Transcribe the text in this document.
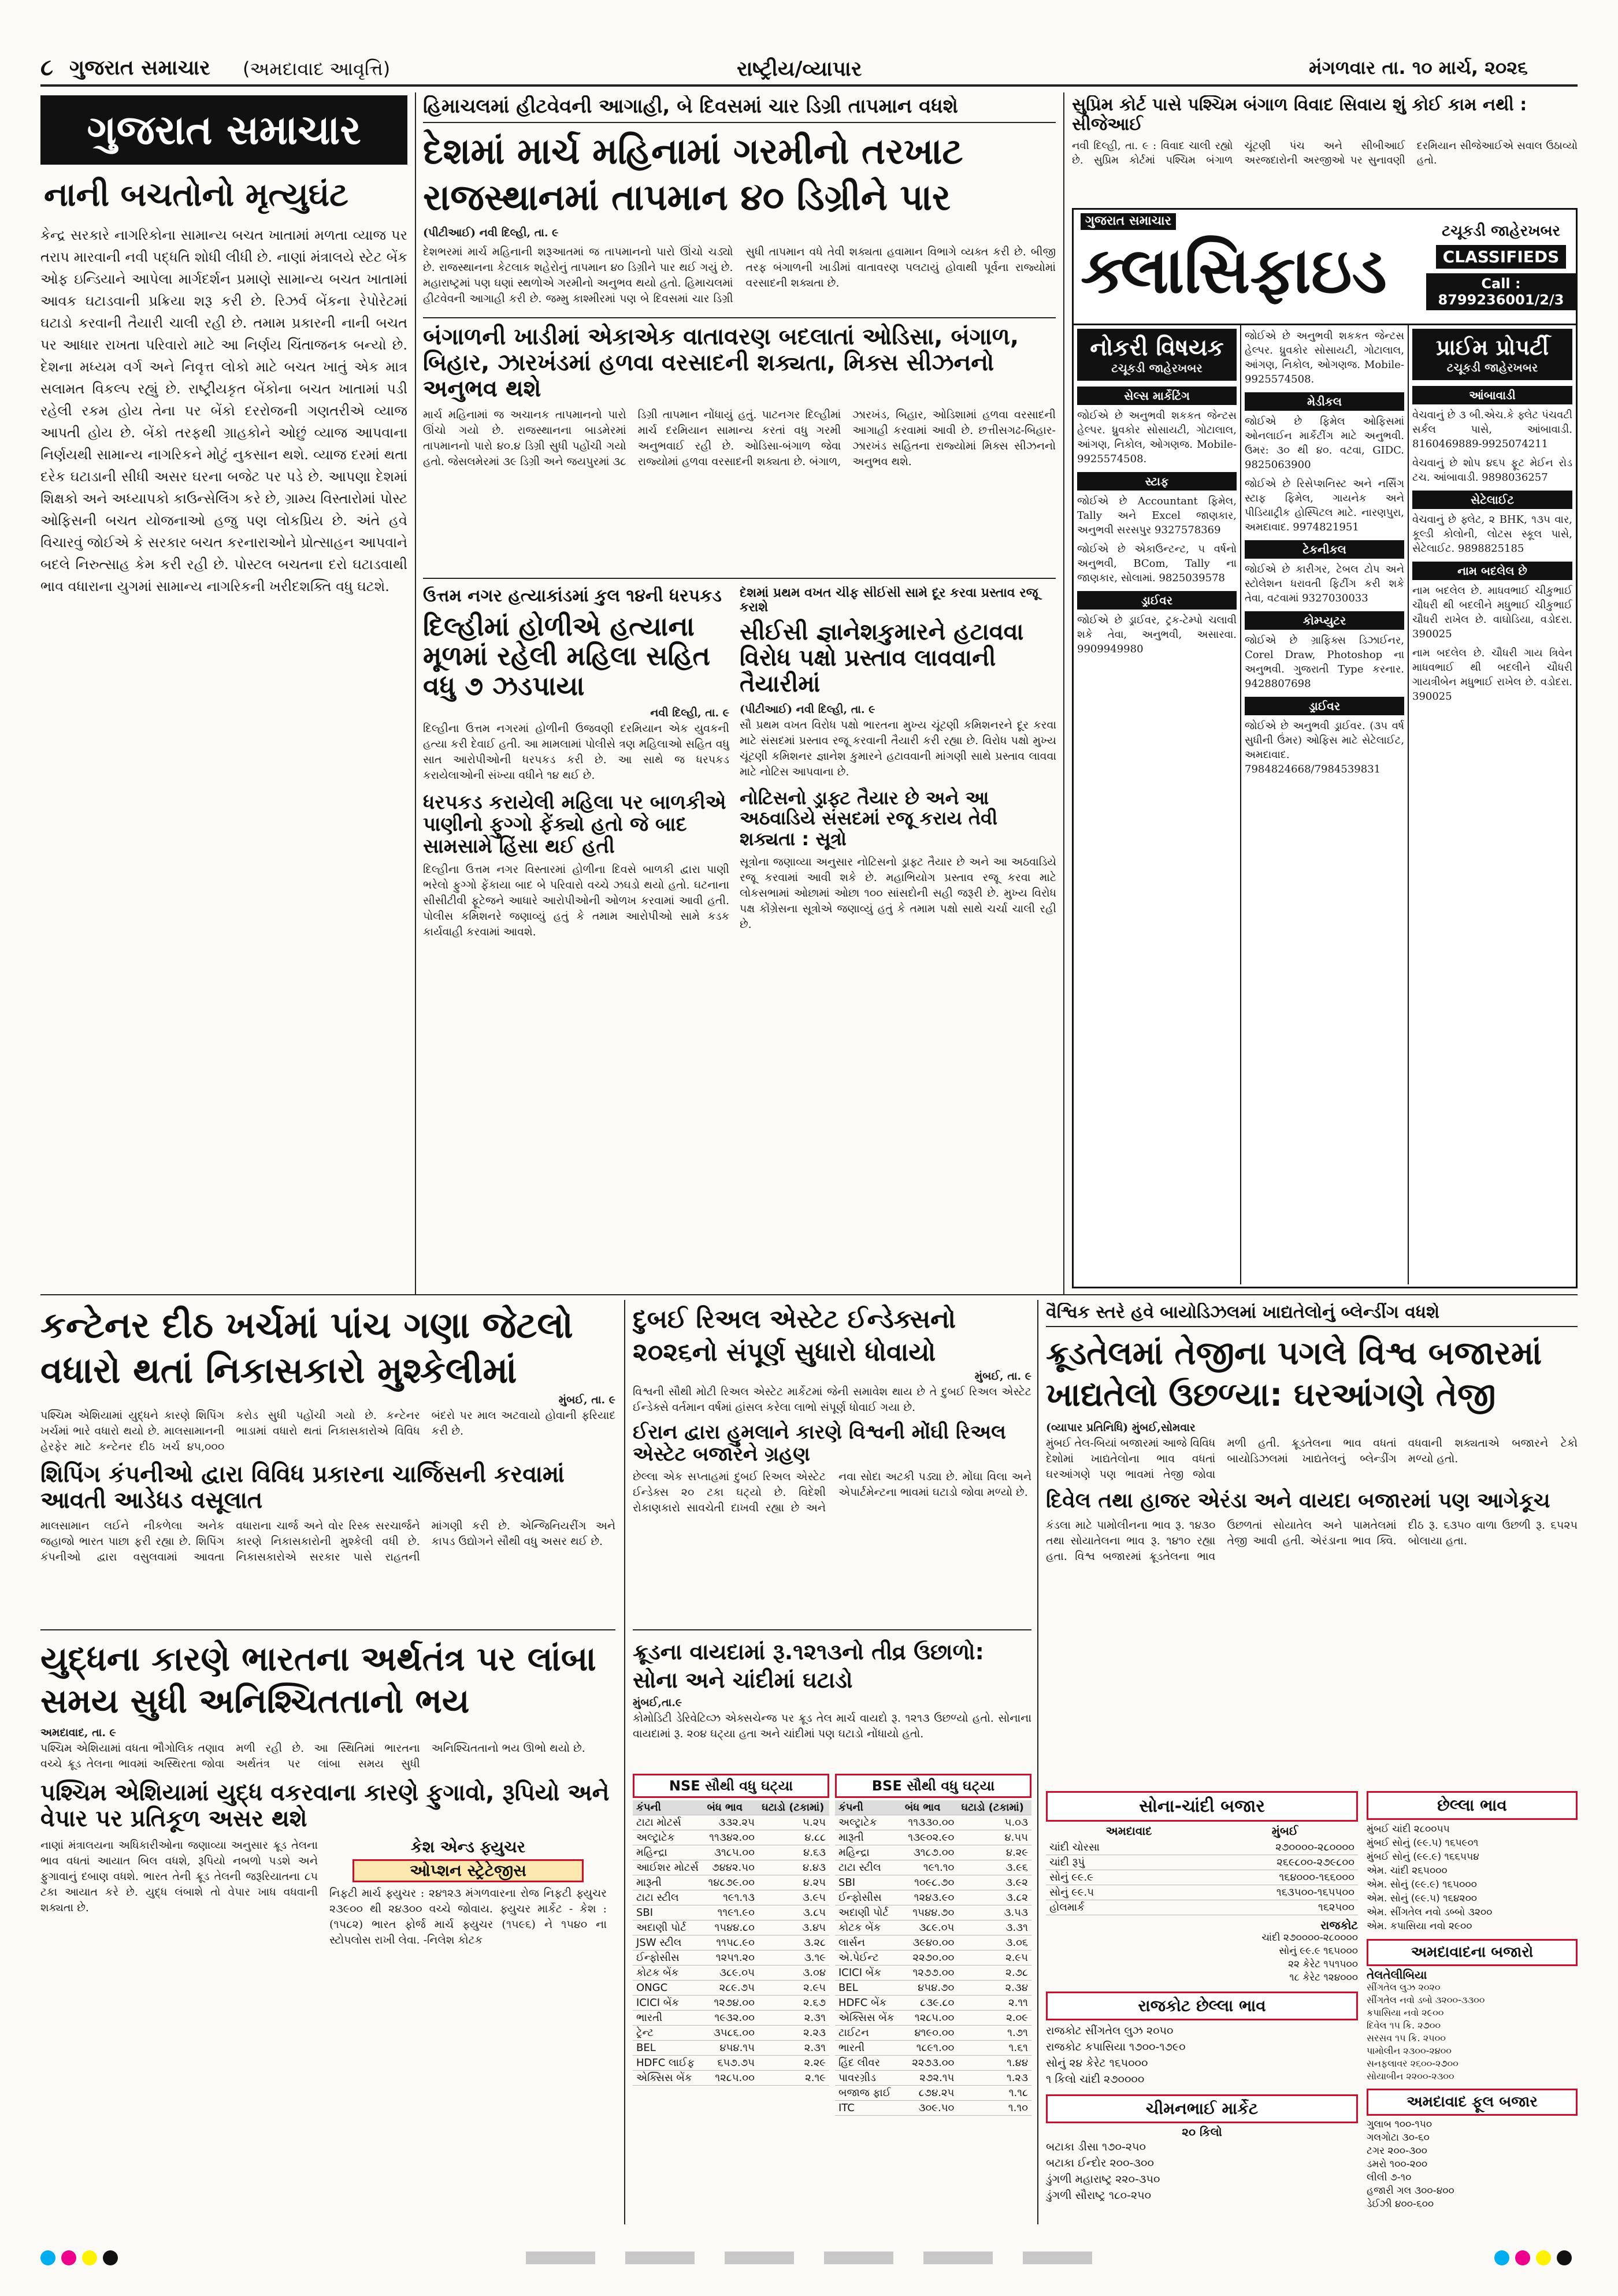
૮ ગુજરાત સમાચાર (અમદાવાદ આવૃત્તિ)	રાષ્ટ્રીય/વ્યાપાર	મંગળવાર તા. ૧૦ માર્ચ, ૨૦૨૬
ગુજરાત સમાચાર
નાની બચતોનો મૃત્યુઘંટ
કેન્દ્ર સરકારે નાગરિકોના સામાન્ય બચત ખાતામાં મળતા વ્યાજ પર તરાપ મારવાની નવી પદ્ધતિ શોધી લીધી છે. નાણાં મંત્રાલયે સ્ટેટ બેંક ઓફ ઇન્ડિયાને આપેલા માર્ગદર્શન પ્રમાણે સામાન્ય બચત ખાતામાં આવક ઘટાડવાની પ્રક્રિયા શરૂ કરી છે. રિઝર્વ બેંકના રેપોરેટમાં ઘટાડો કરવાની તૈયારી ચાલી રહી છે. તમામ પ્રકારની નાની બચત પર આધાર રાખતા પરિવારો માટે આ નિર્ણય ચિંતાજનક બન્યો છે. દેશના મધ્યમ વર્ગ અને નિવૃત્ત લોકો માટે બચત ખાતું એક માત્ર સલામત વિકલ્પ રહ્યું છે. રાષ્ટ્રીયકૃત બેંકોના બચત ખાતામાં પડી રહેલી રકમ હોય તેના પર બેંકો દરરોજની ગણતરીએ વ્યાજ આપતી હોય છે. બેંકો તરફથી ગ્રાહકોને ઓછું વ્યાજ આપવાના નિર્ણયથી સામાન્ય નાગરિકને મોટું નુકસાન થશે. વ્યાજ દરમાં થતા દરેક ઘટાડાની સીધી અસર ઘરના બજેટ પર પડે છે. આપણા દેશમાં શિક્ષકો અને અધ્યાપકો કાઉન્સેલિંગ કરે છે, ગ્રામ્ય વિસ્તારોમાં પોસ્ટ ઓફિસની બચત યોજનાઓ હજુ પણ લોકપ્રિય છે. અંતે હવે વિચારવું જોઈએ કે સરકાર બચત કરનારાઓને પ્રોત્સાહન આપવાને બદલે નિરુત્સાહ કેમ કરી રહી છે. પોસ્ટલ બચતના દરો ઘટાડવાથી ભાવ વધારાના યુગમાં સામાન્ય નાગરિકની ખરીદશક્તિ વધુ ઘટશે.
હિમાચલમાં હીટવેવની આગાહી, બે દિવસમાં ચાર ડિગ્રી તાપમાન વધશે
દેશમાં માર્ચ મહિનામાં ગરમીનો તરખાટ
રાજસ્થાનમાં તાપમાન ૪૦ ડિગ્રીને પાર
(પીટીઆઈ) નવી દિલ્હી, તા. ૯
દેશભરમાં માર્ચ મહિનાની શરૂઆતમાં જ તાપમાનનો પારો ઊંચો ચડ્યો છે. રાજસ્થાનના કેટલાક શહેરોનું તાપમાન ૪૦ ડિગ્રીને પાર થઈ ગયું છે. મહારાષ્ટ્રમાં પણ ઘણાં સ્થળોએ ગરમીનો અનુભવ થયો હતો. હિમાચલમાં હીટવેવની આગાહી કરી છે. જમ્મુ કાશ્મીરમાં પણ બે દિવસમાં ચાર ડિગ્રી સુધી તાપમાન વધે તેવી શક્યતા હવામાન વિભાગે વ્યક્ત કરી છે. બીજી તરફ બંગાળની ખાડીમાં વાતાવરણ પલટાયું હોવાથી પૂર્વના રાજ્યોમાં વરસાદની શક્યતા છે.
બંગાળની ખાડીમાં એકાએક વાતાવરણ બદલાતાં ઓડિસા, બંગાળ, બિહાર, ઝારખંડમાં હળવા વરસાદની શક્યતા, મિક્સ સીઝનનો અનુભવ થશે
માર્ચ મહિનામાં જ અચાનક તાપમાનનો પારો ઊંચો ગયો છે. રાજસ્થાનના બાડમેરમાં તાપમાનનો પારો ૪૦.૪ ડિગ્રી સુધી પહોંચી ગયો હતો. જેસલમેરમાં ૩૯ ડિગ્રી અને જયપુરમાં ૩૮ ડિગ્રી તાપમાન નોંધાયું હતું. પાટનગર દિલ્હીમાં માર્ચ દરમિયાન સામાન્ય કરતાં વધુ ગરમી અનુભવાઈ રહી છે. ઓડિસા-બંગાળ જેવા રાજ્યોમાં હળવા વરસાદની શક્યતા છે. બંગાળ, ઝારખંડ, બિહાર, ઓડિશામાં હળવા વરસાદની આગાહી કરવામાં આવી છે. છત્તીસગઢ-બિહાર-ઝારખંડ સહિતના રાજ્યોમાં મિક્સ સીઝનનો અનુભવ થશે.
ઉત્તમ નગર હત્યાકાંડમાં કુલ ૧૪ની ધરપકડ
દિલ્હીમાં હોળીએ હત્યાના મૂળમાં રહેલી મહિલા સહિત વધુ ૭ ઝડપાયા
નવી દિલ્હી, તા. ૯
દિલ્હીના ઉત્તમ નગરમાં હોળીની ઉજવણી દરમિયાન એક યુવકની હત્યા કરી દેવાઈ હતી. આ મામલામાં પોલીસે ત્રણ મહિલાઓ સહિત વધુ સાત આરોપીઓની ધરપકડ કરી છે. આ સાથે જ ધરપકડ કરાયેલાઓની સંખ્યા વધીને ૧૪ થઈ છે.
ધરપકડ કરાયેલી મહિલા પર બાળકીએ પાણીનો ફુગ્ગો ફેંક્યો હતો જે બાદ સામસામે હિંસા થઈ હતી
દિલ્હીના ઉત્તમ નગર વિસ્તારમાં હોળીના દિવસે બાળકી દ્વારા પાણી ભરેલો ફુગ્ગો ફેંકાયા બાદ બે પરિવારો વચ્ચે ઝઘડો થયો હતો. ઘટનાના સીસીટીવી ફૂટેજને આધારે આરોપીઓની ઓળખ કરવામાં આવી હતી. પોલીસ કમિશનરે જણાવ્યું હતું કે તમામ આરોપીઓ સામે કડક કાર્યવાહી કરવામાં આવશે.
દેશમાં પ્રથમ વખત ચીફ સીઈસી સામે દૂર કરવા પ્રસ્તાવ રજૂ કરાશે
સીઈસી જ્ઞાનેશકુમારને હટાવવા વિરોધ પક્ષો પ્રસ્તાવ લાવવાની તૈયારીમાં
(પીટીઆઈ) નવી દિલ્હી, તા. ૯
સૌ પ્રથમ વખત વિરોધ પક્ષો ભારતના મુખ્ય ચૂંટણી કમિશનરને દૂર કરવા માટે સંસદમાં પ્રસ્તાવ રજૂ કરવાની તૈયારી કરી રહ્યા છે. વિરોધ પક્ષો મુખ્ય ચૂંટણી કમિશનર જ્ઞાનેશ કુમારને હટાવવાની માંગણી સાથે પ્રસ્તાવ લાવવા માટે નોટિસ આપવાના છે.
નોટિસનો ડ્રાફ્ટ તૈયાર છે અને આ અઠવાડિયે સંસદમાં રજૂ કરાય તેવી શક્યતા : સૂત્રો
સૂત્રોના જણાવ્યા અનુસાર નોટિસનો ડ્રાફ્ટ તૈયાર છે અને આ અઠવાડિયે રજૂ કરવામાં આવી શકે છે. મહાભિયોગ પ્રસ્તાવ રજૂ કરવા માટે લોકસભામાં ઓછામાં ઓછા ૧૦૦ સાંસદોની સહી જરૂરી છે. મુખ્ય વિરોધ પક્ષ કોંગ્રેસના સૂત્રોએ જણાવ્યું હતું કે તમામ પક્ષો સાથે ચર્ચા ચાલી રહી છે.
સુપ્રિમ કોર્ટ પાસે પશ્ચિમ બંગાળ વિવાદ સિવાય શું કોઈ કામ નથી : સીજેઆઈ
નવી દિલ્હી, તા. ૯ : વિવાદ ચાલી રહ્યો છે. સુપ્રિમ કોર્ટમાં પશ્ચિમ બંગાળ ચૂંટણી પંચ અને સીબીઆઈ અરજદારોની અરજીઓ પર સુનાવણી દરમિયાન સીજેઆઈએ સવાલ ઉઠાવ્યો હતો.
ગુજરાત સમાચાર
ક્લાસિફાઇડ
ટચૂકડી જાહેરખબર
CLASSIFIEDS
Call : 8799236001/2/3
નોકરી વિષયક
ટચૂકડી જાહેરખબર
સેલ્સ માર્કેટિંગ
જોઈએ છે અનુભવી શકકત જેન્ટસ હેલ્પર. ધ્રુવકોર સોસાયટી, ગોટાલાલ, આંગણ, નિકોલ, ઓગણજ. Mobile-9925574508.
સ્ટાફ
જોઈએ છે Accountant ફિમેલ, Tally અને Excel જાણકાર, અનુભવી સરસપુર 9327578369
જોઈએ છે એકાઉન્ટન્ટ, ૫ વર્ષનો અનુભવી, BCom, Tally ના જાણકાર, સોલામાં. 9825039578
ડ્રાઈવર
જોઈએ છે ડ્રાઈવર, ટ્રક-ટેમ્પો ચલાવી શકે તેવા, અનુભવી, અસારવા. 9909949980
જોઈએ છે અનુભવી શકકત જેન્ટસ હેલ્પર. ધ્રુવકોર સોસાયટી, ગોટાલાલ, આંગણ, નિકોલ, ઓગણજ. Mobile-9925574508.
મેડીકલ
જોઈએ છે ફિમેલ ઓફિસમાં ઓનલાઈન માર્કેટીંગ માટે અનુભવી. ઉમર: ૩૦ થી ૪૦. વટવા, GIDC. 9825063900
જોઈએ છે રિસેપ્શનિસ્ટ અને નર્સિંગ સ્ટાફ ફિમેલ, ગાયનેક અને પીડિયાટ્રીક હોસ્પિટલ માટે. નારણપુરા, અમદાવાદ. 9974821951
ટેકનીકલ
જોઈએ છે કારીગર, ટેબલ ટોપ અને સ્ટોલેશન ધરાવતી ફિટીંગ કરી શકે તેવા, વટવામાં 9327030033
કોમ્પ્યુટર
જોઈએ છે ગ્રાફિક્સ ડિઝાઈનર, Corel Draw, Photoshop ના અનુભવી. ગુજરાતી Type કરનાર. 9428807698
ડ્રાઈવર
જોઈએ છે અનુભવી ડ્રાઈવર. (૩૫ વર્ષ સુધીની ઉંમર) ઓફિસ માટે સેટેલાઈટ, અમદાવાદ. 7984824668/7984539831
પ્રાઈમ પ્રોપર્ટી
ટચૂકડી જાહેરખબર
આંબાવાડી
વેચવાનું છે ૩ બી.એચ.કે ફ્લેટ પંચવટી સર્કલ પાસે, આંબાવાડી. 8160469889-9925074211
વેચવાનું છે શોપ ૪૬૫ ફૂટ મેઈન રોડ ટચ. આંબાવાડી. 9898036257
સેટેલાઈટ
વેચવાનું છે ફ્લેટ, ૨ BHK, ૧૩૫ વાર, કૂલ્ડી કોલોની, લોટસ સ્કૂલ પાસે, સેટેલાઈટ. 9898825185
નામ બદલેલ છે
નામ બદલેલ છે. માધવભાઈ ચીકુભાઈ ચૌધરી થી બદલીને મધુભાઈ ચીકુભાઈ ચૌધરી રાખેલ છે. વાઘોડિયા, વડોદરા. 390025
નામ બદલેલ છે. ચૌધરી ગાય ત્રિવેન માધવભાઈ થી બદલીને ચૌધરી ગાયત્રીબેન મધુભાઈ રાખેલ છે. વડોદરા. 390025
કન્ટેનર દીઠ ખર્ચમાં પાંચ ગણા જેટલો વધારો થતાં નિકાસકારો મુશ્કેલીમાં
મુંબઈ, તા. ૯
પશ્ચિમ એશિયામાં યુદ્ધને કારણે શિપિંગ ખર્ચમાં ભારે વધારો થયો છે. માલસામાનની હેરફેર માટે કન્ટેનર દીઠ ખર્ચ ૪૫,૦૦૦ કરોડ સુધી પહોંચી ગયો છે. કન્ટેનર ભાડામાં વધારો થતાં નિકાસકારોએ વિવિધ બંદરો પર માલ અટવાયો હોવાની ફરિયાદ કરી છે.
શિપિંગ કંપનીઓ દ્વારા વિવિધ પ્રકારના ચાર્જિસની કરવામાં આવતી આડેધડ વસૂલાત
માલસામાન લઈને નીકળેલા અનેક જહાજો ભારત પાછા ફરી રહ્યા છે. શિપિંગ કંપનીઓ દ્વારા વસુલવામાં આવતા વધારાના ચાર્જ અને વોર રિસ્ક સરચાર્જને કારણે નિકાસકારોની મુશ્કેલી વધી છે. નિકાસકારોએ સરકાર પાસે રાહતની માંગણી કરી છે. એન્જિનિયરીંગ અને કાપડ ઉદ્યોગને સૌથી વધુ અસર થઈ છે.
યુદ્ધના કારણે ભારતના અર્થતંત્ર પર લાંબા સમય સુધી અનિશ્ચિતતાનો ભય
અમદાવાદ, તા. ૯
પશ્ચિમ એશિયામાં વધતા ભૌગોલિક તણાવ વચ્ચે ક્રૂડ તેલના ભાવમાં અસ્થિરતા જોવા મળી રહી છે. આ સ્થિતિમાં ભારતના અર્થતંત્ર પર લાંબા સમય સુધી અનિશ્ચિતતાનો ભય ઊભો થયો છે.
પશ્ચિમ એશિયામાં યુદ્ધ વકરવાના કારણે ફુગાવો, રૂપિયો અને વેપાર પર પ્રતિકૂળ અસર થશે
નાણાં મંત્રાલયના અધિકારીઓના જણાવ્યા અનુસાર ક્રૂડ તેલના ભાવ વધતાં આયાત બિલ વધશે, રૂપિયો નબળો પડશે અને ફુગાવાનું દબાણ વધશે. ભારત તેની ક્રૂડ તેલની જરૂરિયાતના ૮૫ ટકા આયાત કરે છે. યુદ્ધ લંબાશે તો વેપાર ખાધ વધવાની શક્યતા છે.
કેશ એન્ડ ફ્યુચર
ઓપ્શન સ્ટ્રેટેજીસ
નિફટી માર્ચ ફ્યુચર : ૨૪૧૨૩ મંગળવારના રોજ નિફટી ફ્યુચર ૨૩૯૦૦ થી ૨૪૩૦૦ વચ્ચે જોવાય. ફ્યુચર માર્કેટ - કેશ : (૧૫૮૨) ભારત ફોર્જ માર્ચ ફ્યુચર (૧૫૯૬) ને ૧૫૪૦ ના સ્ટોપલોસ રાખી લેવા. -નિલેશ કોટક
દુબઈ રિઅલ એસ્ટેટ ઈન્ડેક્સનો ૨૦૨૬નો સંપૂર્ણ સુધારો ધોવાયો
મુંબઈ, તા. ૯
વિશ્વની સૌથી મોટી રિઅલ એસ્ટેટ માર્કેટમાં જેની સમાવેશ થાય છે તે દુબઈ રિઅલ એસ્ટેટ ઈન્ડેક્સે વર્તમાન વર્ષમાં હાંસલ કરેલા લાભો સંપૂર્ણ ધોવાઈ ગયા છે.
ઈરાન દ્વારા હુમલાને કારણે વિશ્વની મોંઘી રિઅલ એસ્ટેટ બજારને ગ્રહણ
છેલ્લા એક સપ્તાહમાં દુબઈ રિઅલ એસ્ટેટ ઈન્ડેક્સ ૨૦ ટકા ઘટ્યો છે. વિદેશી રોકાણકારો સાવચેતી દાખવી રહ્યા છે અને નવા સોદા અટકી પડ્યા છે. મોંઘા વિલા અને એપાર્ટમેન્ટના ભાવમાં ઘટાડો જોવા મળ્યો છે.
ક્રૂડના વાયદામાં રૂ.૧૨૧૩નો તીવ્ર ઉછાળો: સોના અને ચાંદીમાં ઘટાડો
મુંબઈ,તા.૯
કોમોડિટી ડેરિવેટિવ્ઝ એક્સચેન્જ પર ક્રૂડ તેલ માર્ચ વાયદો રૂ. ૧૨૧૩ ઉછળ્યો હતો. સોનાના વાયદામાં રૂ. ૨૦૪ ઘટ્યા હતા અને ચાંદીમાં પણ ઘટાડો નોંધાયો હતો.
NSE સૌથી વધુ ઘટ્યા
કંપની	બંધ ભાવ	ઘટાડો (ટકામાં)
ટાટા મોટર્સ	૩૩૨.૨૫	૫.૨૫
અલ્ટ્રાટેક	૧૧૩૪૨.૦૦	૪.૮૮
મહિન્દ્રા	૩૧૮૫.૦૦	૪.૬૩
આઈશર મોટર્સ	૭૪૪૨.૫૦	૪.૪૩
મારૂતી	૧૪૮૭૯.૦૦	૪.૨૫
ટાટા સ્ટીલ	૧૯૧.૧૩	૩.૯૫
SBI	૧૧૯૧.૯૦	૩.૮૫
અદાણી પોર્ટ	૧૫૪૪.૮૦	૩.૪૫
JSW સ્ટીલ	૧૧૫૮.૯૦	૩.૨૮
ઈન્ફોસીસ	૧૨૫૧.૨૦	૩.૧૯
કોટક બેંક	૩૮૯.૦૫	૩.૦૪
ONGC	૨૮૯.૭૫	૨.૯૫
ICICI બેંક	૧૨૭૪.૦૦	૨.૬૭
ભારતી	૧૯૩૨.૦૦	૨.૩૧
ટ્રેન્ટ	૩૫૮૬.૦૦	૨.૨૩
BEL	૪૫૪.૧૫	૨.૩૧
HDFC લાઈફ	૬૫૭.૭૫	૨.૨૯
એક્સિસ બેંક	૧૨૮૫.૦૦	૨.૧૯
BSE સૌથી વધુ ઘટ્યા
કંપની	બંધ ભાવ	ઘટાડો (ટકામાં)
અલ્ટ્રાટેક	૧૧૩૩૦.૦૦	૫.૦૩
મારૂતી	૧૩૯૦૨.૯૦	૪.૫૫
મહિન્દ્રા	૩૧૮૭.૦૦	૪.૨૯
ટાટા સ્ટીલ	૧૯૧.૧૦	૩.૯૬
SBI	૧૦૯૮.૭૦	૩.૯૨
ઈન્ફોસીસ	૧૨૪૩.૯૦	૩.૮૨
અદાણી પોર્ટ	૧૫૪૪.૭૦	૩.૫૩
કોટક બેંક	૩૮૯.૦૫	૩.૩૧
લાર્સન	૩૯૪૦.૦૦	૩.૦૬
એ.પેઈન્ટ	૨૨૭૦.૦૦	૨.૯૫
ICICI બેંક	૧૨૭૭.૦૦	૨.૭૮
BEL	૪૫૪.૭૦	૨.૩૪
HDFC બેંક	૮૩૯.૮૦	૨.૧૧
એક્સિસ બેંક	૧૨૮૫.૦૦	૨.૦૯
ટાઈટન	૪૧૯૦.૦૦	૧.૭૧
ભારતી	૧૮૯૧.૦૦	૧.૬૧
હિંદ લીવર	૨૨૭૩.૦૦	૧.૪૪
પાવરગ્રીડ	૨૭૨.૧૫	૧.૨૩
બજાજ ફાઈ	૮૭૪.૨૫	૧.૧૮
ITC	૩૦૯.૫૦	૧.૧૦
વૈશ્વિક સ્તરે હવે બાયોડિઝલમાં ખાદ્યતેલોનું બ્લેન્ડીંગ વધશે
ક્રૂડતેલમાં તેજીના પગલે વિશ્વ બજારમાં ખાદ્યતેલો ઉછળ્યા: ઘરઆંગણે તેજી
(વ્યાપાર પ્રતિનિધિ) મુંબઈ,સોમવાર
મુંબઈ તેલ-બિયાં બજારમાં આજે વિવિધ દેશોમાં ખાદ્યતેલોના ભાવ વધતાં ઘરઆંગણે પણ ભાવમાં તેજી જોવા મળી હતી. ક્રૂડતેલના ભાવ વધતાં બાયોડિઝલમાં ખાદ્યતેલનું બ્લેન્ડીંગ વધવાની શક્યતાએ બજારને ટેકો મળ્યો હતો.
દિવેલ તથા હાજર એરંડા અને વાયદા બજારમાં પણ આગેકૂચ
કંડલા માટે પામોલીનના ભાવ રૂ. ૧૪૩૦ તથા સોયાતેલના ભાવ રૂ. ૧૪૧૦ રહ્યા હતા. વિશ્વ બજારમાં ક્રૂડતેલના ભાવ ઉછળતાં સોયાતેલ અને પામતેલમાં તેજી આવી હતી. એરંડાના ભાવ ક્વિ. દીઠ રૂ. ૬૩૫૦ વાળા ઉછળી રૂ. ૬૫૨૫ બોલાયા હતા.
સોના-ચાંદી બજાર
અમદાવાદ	મુંબઈ
ચાંદી ચોરસા	૨૭૦૦૦૦-૨૮૦૦૦૦
ચાંદી રૂપું	૨૬૯૮૦૦-૨૭૯૮૦૦
સોનું ૯૯.૯	૧૬૪૦૦૦-૧૬૬૦૦૦
સોનું ૯૯.૫	૧૬૩૫૦૦-૧૬૫૫૦૦
હોલમાર્ક	૧૬૨૫૦૦
રાજકોટ
ચાંદી ૨૭૦૦૦૦-૨૮૦૦૦૦
સોનું ૯૯.૯ ૧૬૫૦૦૦
૨૨ કેરેટ ૧૫૧૫૦૦
૧૮ કેરેટ ૧૨૪૦૦૦
રાજકોટ છેલ્લા ભાવ
રાજકોટ સીંગતેલ લુઝ ૨૦૫૦
રાજકોટ કપાસિયા ૧૭૦૦-૧૭૯૦
સોનું ૨૪ કેરેટ ૧૬૫૦૦૦
૧ કિલો ચાંદી ૨૭૦૦૦૦
ચીમનભાઈ માર્કેટ
૨૦ કિલો
બટાકા ડીસા ૧૭૦-૨૫૦
બટાકા ઈન્દોર ૨૦૦-૩૦૦
ડુંગળી મહારાષ્ટ્ર ૨૨૦-૩૫૦
ડુંગળી સૌરાષ્ટ્ર ૧૮૦-૨૫૦
છેલ્લા ભાવ
મુંબઈ ચાંદી ૨૮૦૦૫૫
મુંબઈ સોનું (૯૯.૫) ૧૬૫૯૦૧
મુંબઈ સોનું (૯૯.૯) ૧૬૬૫૫૪
એમ. ચાંદી ૨૬૫૦૦૦
એમ. સોનું (૯૯.૯) ૧૬૫૦૦૦
એમ. સોનું (૯૯.૫) ૧૬૪૨૦૦
એમ. સીંગતેલ નવો ડબ્બો ૩૨૦૦
એમ. કપાસિયા નવો ૨૯૦૦
અમદાવાદના બજારો
તેલતેલીબિયા
સીંગતેલ લુઝ ૨૦૨૦
સીંગતેલ નવો ડબો ૩૨૦૦-૩૩૦૦
કપાસિયા નવો ૨૯૦૦
દિવેલ ૧૫ કિ. ૨૭૦૦
સરસવ ૧૫ કિ. ૨૫૦૦
પામોલીન ૨૩૦૦-૨૪૦૦
સનફલાવર ૨૬૦૦-૨૭૦૦
સોયાબીન ૨૨૦૦-૨૩૦૦
અમદાવાદ ફૂલ બજાર
ગુલાબ ૧૦૦-૧૫૦
ગલગોટા ૩૦-૬૦
ટગર ૨૦૦-૩૦૦
ડમરો ૧૦૦-૨૦૦
લીલી ૭-૧૦
હજારી ગલ ૩૦૦-૪૦૦
ડેઈઝી ૪૦૦-૬૦૦
